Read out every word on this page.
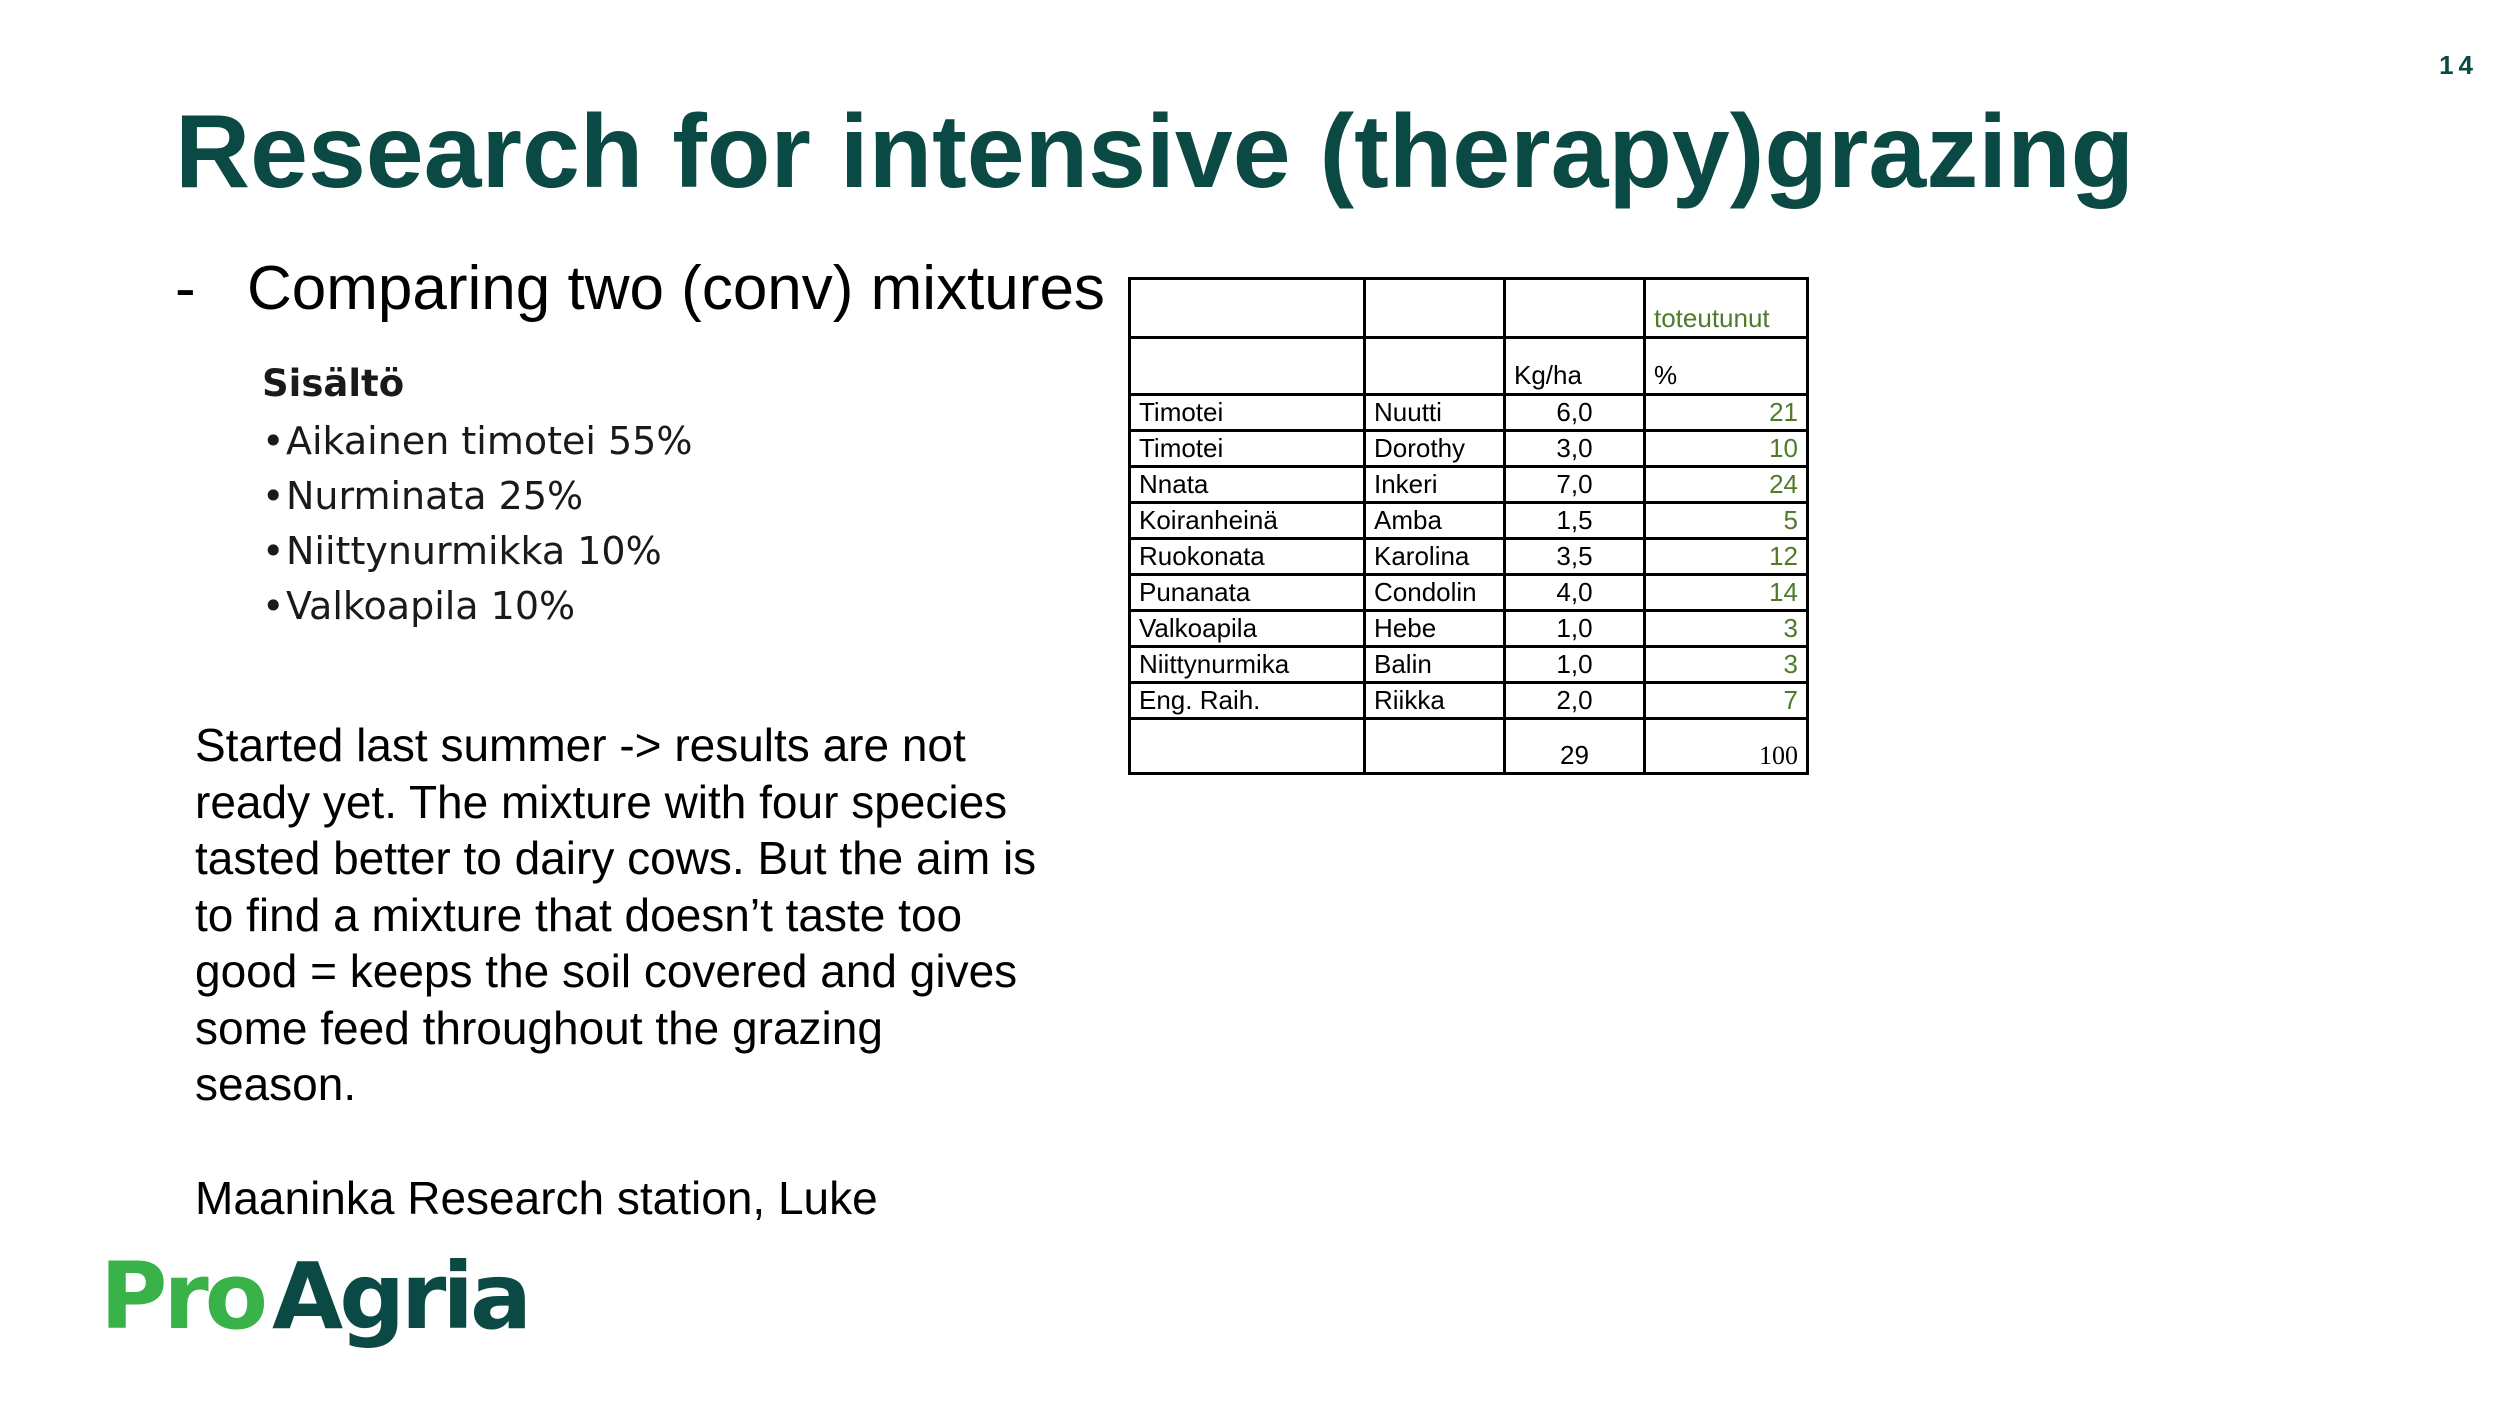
14
Research for intensive (therapy)grazing
- Comparing two (conv) mixtures
Sisältö
•Aikainen timotei 55%
•Nurminata 25%
•Niittynurmikka 10%
•Valkoapila 10%

Started last summer -> results are not ready yet. The mixture with four species tasted better to dairy cows. But the aim is to find a mixture that doesn’t taste too good = keeps the soil covered and gives some feed throughout the grazing season.

Maaninka Research station, Luke

			toteutunut
		Kg/ha	%
Timotei	Nuutti	6,0	21
Timotei	Dorothy	3,0	10
Nnata	Inkeri	7,0	24
Koiranheinä	Amba	1,5	5
Ruokonata	Karolina	3,5	12
Punanata	Condolin	4,0	14
Valkoapila	Hebe	1,0	3
Niittynurmika	Balin	1,0	3
Eng. Raih.	Riikka	2,0	7
		29	100
Pro Agria
